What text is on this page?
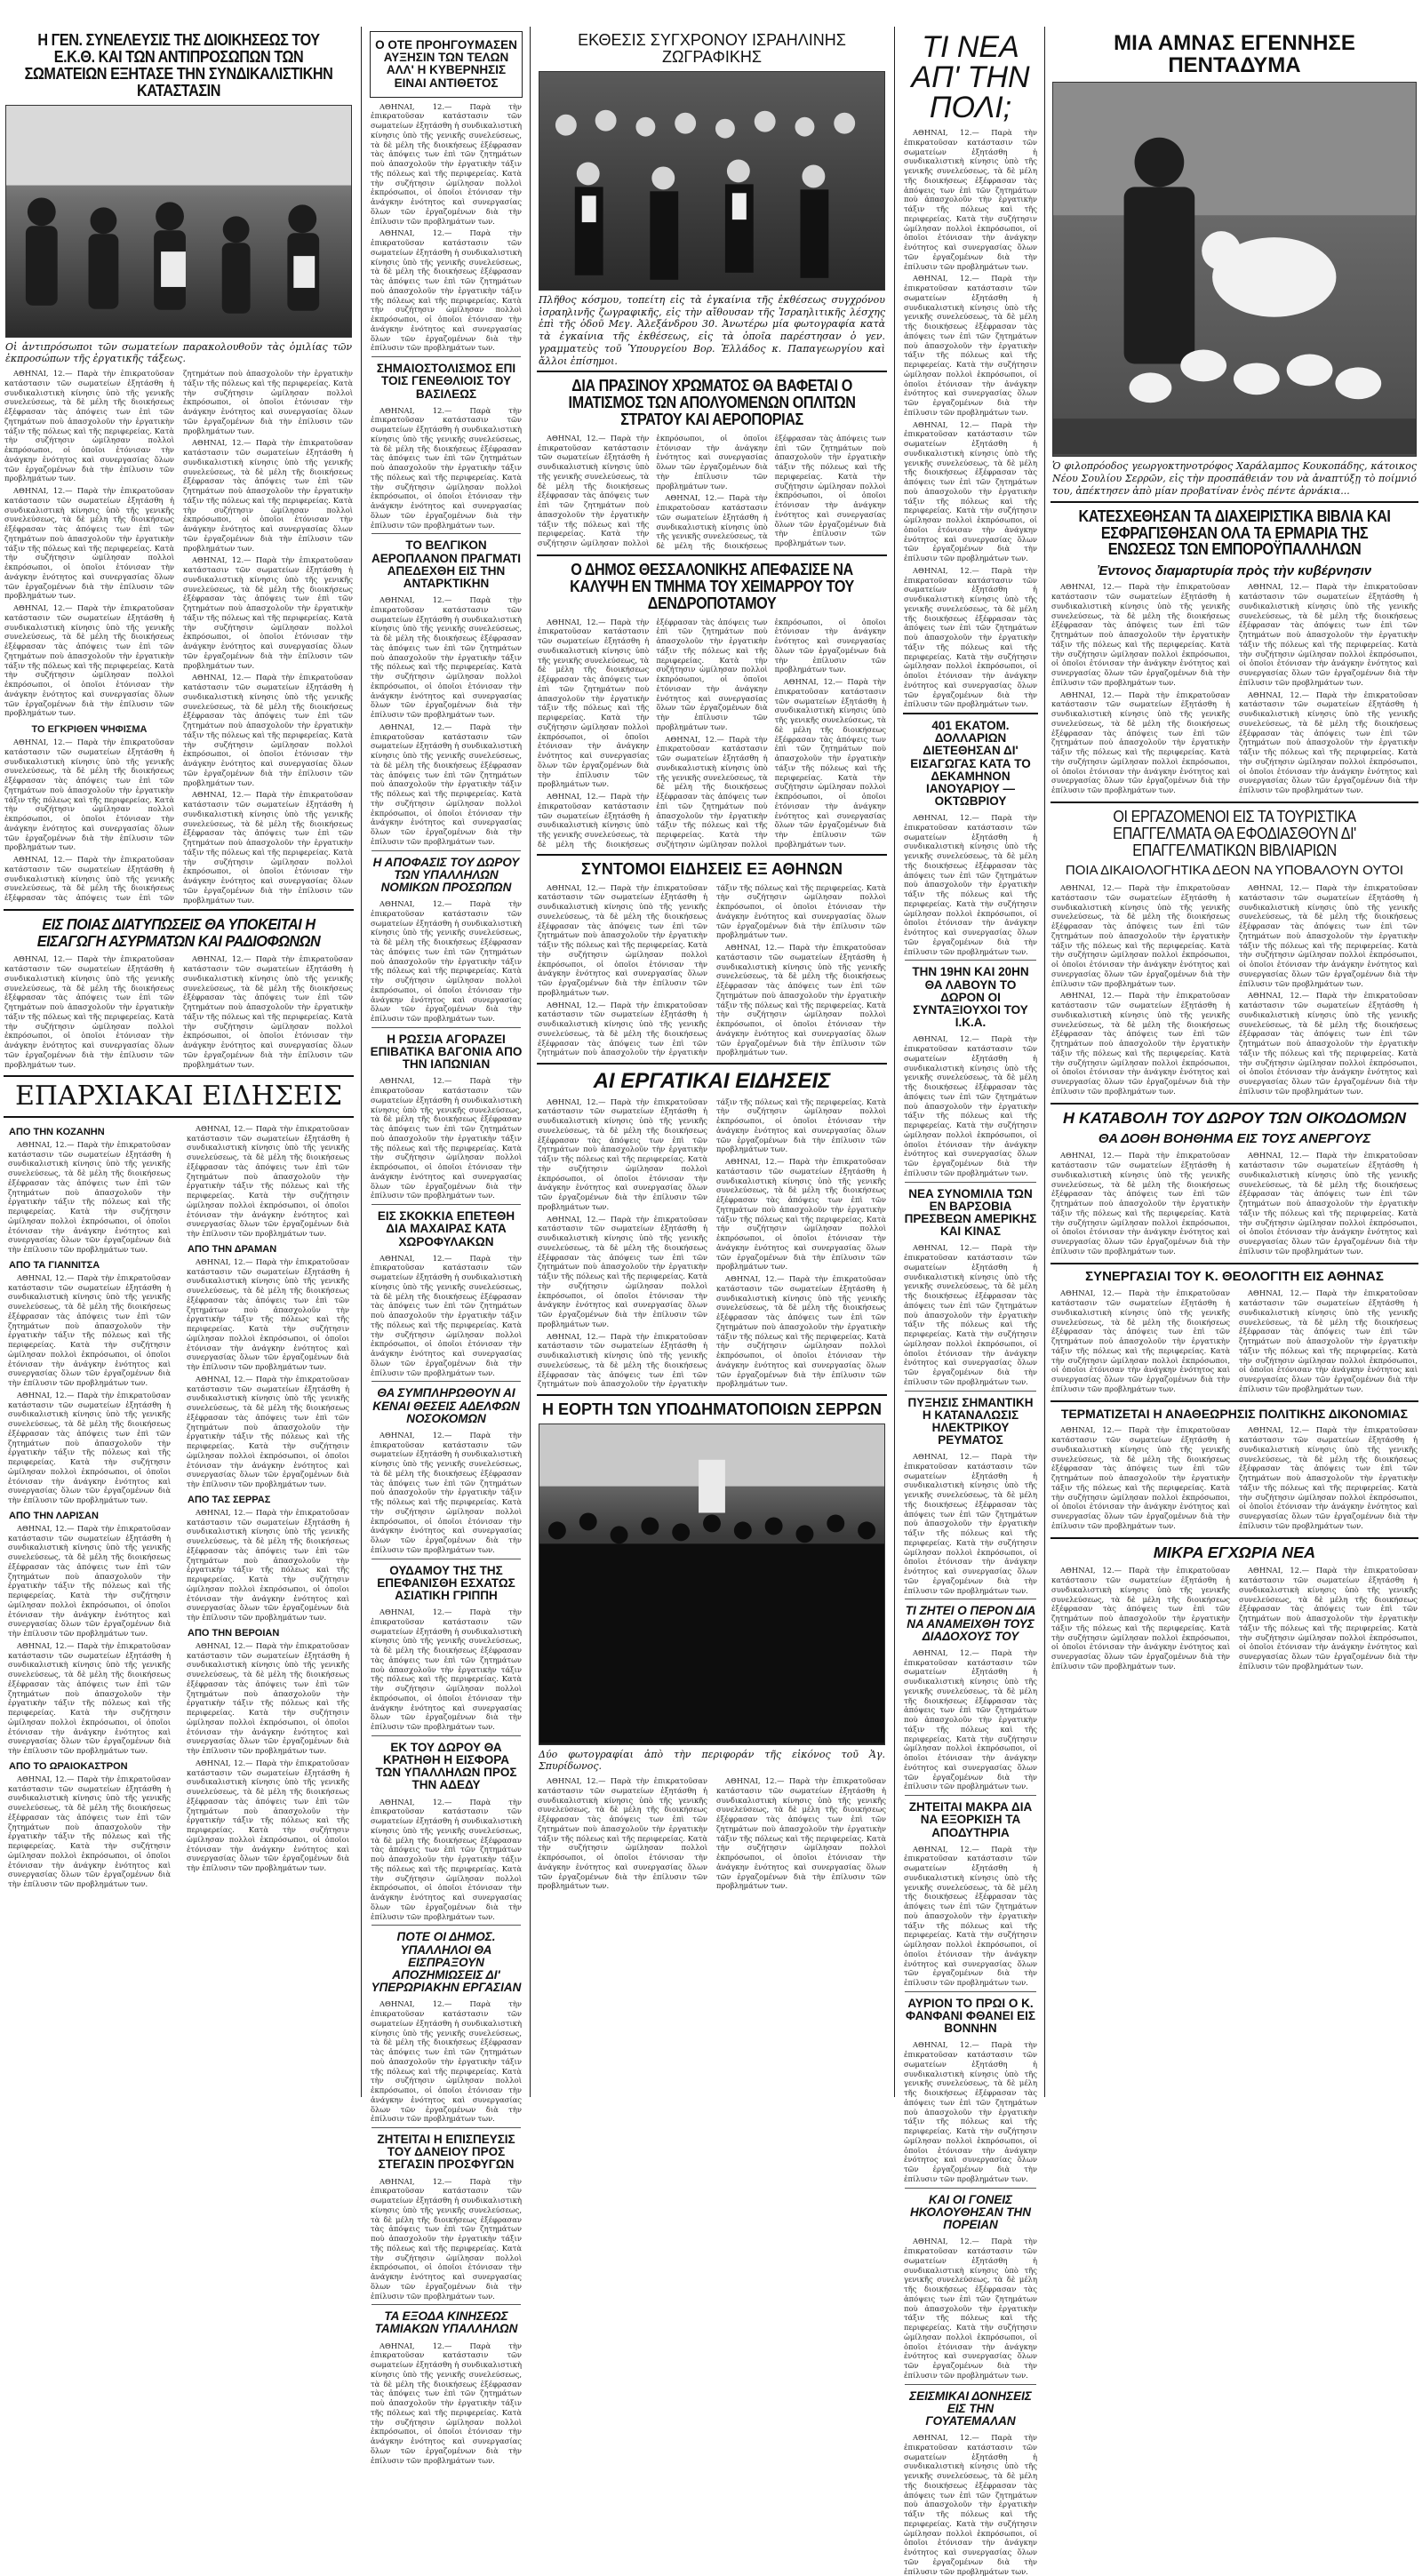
Η ΓΕΝ. ΣΥΝΕΛΕΥΣΙΣ ΤΗΣ ΔΙΟΙΚΗΣΕΩΣ ΤΟΥ Ε.Κ.Θ. ΚΑΙ ΤΩΝ ΑΝΤΙΠΡΟΣΩΠΩΝ ΤΩΝ ΣΩΜΑΤΕΙΩΝ ΕΞΗΤΑΣΕ ΤΗΝ ΣΥΝΔΙΚΑΛΙΣΤΙΚΗΝ ΚΑΤΑΣΤΑΣΙΝ
Οἱ ἀντιπρόσωποι τῶν σωματείων παρακολουθοῦν τὰς ὁμιλίας τῶν ἐκπροσώπων τῆς ἐργατικῆς τάξεως.

ΑΘΗΝΑΙ, 12.— Παρὰ τὴν ἐπικρατοῦσαν κατάστασιν τῶν σωματείων ἐξητάσθη ἡ συνδικαλιστικὴ κίνησις ὑπὸ τῆς γενικῆς συνελεύσεως, τὰ δὲ μέλη τῆς διοικήσεως ἐξέφρασαν τὰς ἀπόψεις των ἐπὶ τῶν ζητημάτων ποὺ ἀπασχολοῦν τὴν ἐργατικὴν τάξιν τῆς πόλεως καὶ τῆς περιφερείας. Κατὰ τὴν συζήτησιν ὡμίλησαν πολλοὶ ἐκπρόσωποι, οἱ ὁποῖοι ἐτόνισαν τὴν ἀνάγκην ἑνότητος καὶ συνεργασίας ὅλων τῶν ἐργαζομένων διὰ τὴν ἐπίλυσιν τῶν προβλημάτων των.

ΑΘΗΝΑΙ, 12.— Παρὰ τὴν ἐπικρατοῦσαν κατάστασιν τῶν σωματείων ἐξητάσθη ἡ συνδικαλιστικὴ κίνησις ὑπὸ τῆς γενικῆς συνελεύσεως, τὰ δὲ μέλη τῆς διοικήσεως ἐξέφρασαν τὰς ἀπόψεις των ἐπὶ τῶν ζητημάτων ποὺ ἀπασχολοῦν τὴν ἐργατικὴν τάξιν τῆς πόλεως καὶ τῆς περιφερείας. Κατὰ τὴν συζήτησιν ὡμίλησαν πολλοὶ ἐκπρόσωποι, οἱ ὁποῖοι ἐτόνισαν τὴν ἀνάγκην ἑνότητος καὶ συνεργασίας ὅλων τῶν ἐργαζομένων διὰ τὴν ἐπίλυσιν τῶν προβλημάτων των.

ΑΘΗΝΑΙ, 12.— Παρὰ τὴν ἐπικρατοῦσαν κατάστασιν τῶν σωματείων ἐξητάσθη ἡ συνδικαλιστικὴ κίνησις ὑπὸ τῆς γενικῆς συνελεύσεως, τὰ δὲ μέλη τῆς διοικήσεως ἐξέφρασαν τὰς ἀπόψεις των ἐπὶ τῶν ζητημάτων ποὺ ἀπασχολοῦν τὴν ἐργατικὴν τάξιν τῆς πόλεως καὶ τῆς περιφερείας. Κατὰ τὴν συζήτησιν ὡμίλησαν πολλοὶ ἐκπρόσωποι, οἱ ὁποῖοι ἐτόνισαν τὴν ἀνάγκην ἑνότητος καὶ συνεργασίας ὅλων τῶν ἐργαζομένων διὰ τὴν ἐπίλυσιν τῶν προβλημάτων των.

ΤΟ ΕΓΚΡΙΘΕΝ ΨΗΦΙΣΜΑ

ΑΘΗΝΑΙ, 12.— Παρὰ τὴν ἐπικρατοῦσαν κατάστασιν τῶν σωματείων ἐξητάσθη ἡ συνδικαλιστικὴ κίνησις ὑπὸ τῆς γενικῆς συνελεύσεως, τὰ δὲ μέλη τῆς διοικήσεως ἐξέφρασαν τὰς ἀπόψεις των ἐπὶ τῶν ζητημάτων ποὺ ἀπασχολοῦν τὴν ἐργατικὴν τάξιν τῆς πόλεως καὶ τῆς περιφερείας. Κατὰ τὴν συζήτησιν ὡμίλησαν πολλοὶ ἐκπρόσωποι, οἱ ὁποῖοι ἐτόνισαν τὴν ἀνάγκην ἑνότητος καὶ συνεργασίας ὅλων τῶν ἐργαζομένων διὰ τὴν ἐπίλυσιν τῶν προβλημάτων των.

ΑΘΗΝΑΙ, 12.— Παρὰ τὴν ἐπικρατοῦσαν κατάστασιν τῶν σωματείων ἐξητάσθη ἡ συνδικαλιστικὴ κίνησις ὑπὸ τῆς γενικῆς συνελεύσεως, τὰ δὲ μέλη τῆς διοικήσεως ἐξέφρασαν τὰς ἀπόψεις των ἐπὶ τῶν ζητημάτων ποὺ ἀπασχολοῦν τὴν ἐργατικὴν τάξιν τῆς πόλεως καὶ τῆς περιφερείας. Κατὰ τὴν συζήτησιν ὡμίλησαν πολλοὶ ἐκπρόσωποι, οἱ ὁποῖοι ἐτόνισαν τὴν ἀνάγκην ἑνότητος καὶ συνεργασίας ὅλων τῶν ἐργαζομένων διὰ τὴν ἐπίλυσιν τῶν προβλημάτων των.

ΑΘΗΝΑΙ, 12.— Παρὰ τὴν ἐπικρατοῦσαν κατάστασιν τῶν σωματείων ἐξητάσθη ἡ συνδικαλιστικὴ κίνησις ὑπὸ τῆς γενικῆς συνελεύσεως, τὰ δὲ μέλη τῆς διοικήσεως ἐξέφρασαν τὰς ἀπόψεις των ἐπὶ τῶν ζητημάτων ποὺ ἀπασχολοῦν τὴν ἐργατικὴν τάξιν τῆς πόλεως καὶ τῆς περιφερείας. Κατὰ τὴν συζήτησιν ὡμίλησαν πολλοὶ ἐκπρόσωποι, οἱ ὁποῖοι ἐτόνισαν τὴν ἀνάγκην ἑνότητος καὶ συνεργασίας ὅλων τῶν ἐργαζομένων διὰ τὴν ἐπίλυσιν τῶν προβλημάτων των.

ΑΘΗΝΑΙ, 12.— Παρὰ τὴν ἐπικρατοῦσαν κατάστασιν τῶν σωματείων ἐξητάσθη ἡ συνδικαλιστικὴ κίνησις ὑπὸ τῆς γενικῆς συνελεύσεως, τὰ δὲ μέλη τῆς διοικήσεως ἐξέφρασαν τὰς ἀπόψεις των ἐπὶ τῶν ζητημάτων ποὺ ἀπασχολοῦν τὴν ἐργατικὴν τάξιν τῆς πόλεως καὶ τῆς περιφερείας. Κατὰ τὴν συζήτησιν ὡμίλησαν πολλοὶ ἐκπρόσωποι, οἱ ὁποῖοι ἐτόνισαν τὴν ἀνάγκην ἑνότητος καὶ συνεργασίας ὅλων τῶν ἐργαζομένων διὰ τὴν ἐπίλυσιν τῶν προβλημάτων των.

ΑΘΗΝΑΙ, 12.— Παρὰ τὴν ἐπικρατοῦσαν κατάστασιν τῶν σωματείων ἐξητάσθη ἡ συνδικαλιστικὴ κίνησις ὑπὸ τῆς γενικῆς συνελεύσεως, τὰ δὲ μέλη τῆς διοικήσεως ἐξέφρασαν τὰς ἀπόψεις των ἐπὶ τῶν ζητημάτων ποὺ ἀπασχολοῦν τὴν ἐργατικὴν τάξιν τῆς πόλεως καὶ τῆς περιφερείας. Κατὰ τὴν συζήτησιν ὡμίλησαν πολλοὶ ἐκπρόσωποι, οἱ ὁποῖοι ἐτόνισαν τὴν ἀνάγκην ἑνότητος καὶ συνεργασίας ὅλων τῶν ἐργαζομένων διὰ τὴν ἐπίλυσιν τῶν προβλημάτων των.

ΑΘΗΝΑΙ, 12.— Παρὰ τὴν ἐπικρατοῦσαν κατάστασιν τῶν σωματείων ἐξητάσθη ἡ συνδικαλιστικὴ κίνησις ὑπὸ τῆς γενικῆς συνελεύσεως, τὰ δὲ μέλη τῆς διοικήσεως ἐξέφρασαν τὰς ἀπόψεις των ἐπὶ τῶν ζητημάτων ποὺ ἀπασχολοῦν τὴν ἐργατικὴν τάξιν τῆς πόλεως καὶ τῆς περιφερείας. Κατὰ τὴν συζήτησιν ὡμίλησαν πολλοὶ ἐκπρόσωποι, οἱ ὁποῖοι ἐτόνισαν τὴν ἀνάγκην ἑνότητος καὶ συνεργασίας ὅλων τῶν ἐργαζομένων διὰ τὴν ἐπίλυσιν τῶν προβλημάτων των.

ΕΙΣ ΠΟΙΑΣ ΔΙΑΤΥΠΩΣΕΙΣ ΘΑ ΥΠΟΚΕΙΤΑΙ Η ΕΙΣΑΓΩΓΗ ΑΣΥΡΜΑΤΩΝ ΚΑΙ ΡΑΔΙΟΦΩΝΩΝ

ΑΘΗΝΑΙ, 12.— Παρὰ τὴν ἐπικρατοῦσαν κατάστασιν τῶν σωματείων ἐξητάσθη ἡ συνδικαλιστικὴ κίνησις ὑπὸ τῆς γενικῆς συνελεύσεως, τὰ δὲ μέλη τῆς διοικήσεως ἐξέφρασαν τὰς ἀπόψεις των ἐπὶ τῶν ζητημάτων ποὺ ἀπασχολοῦν τὴν ἐργατικὴν τάξιν τῆς πόλεως καὶ τῆς περιφερείας. Κατὰ τὴν συζήτησιν ὡμίλησαν πολλοὶ ἐκπρόσωποι, οἱ ὁποῖοι ἐτόνισαν τὴν ἀνάγκην ἑνότητος καὶ συνεργασίας ὅλων τῶν ἐργαζομένων διὰ τὴν ἐπίλυσιν τῶν προβλημάτων των.

ΑΘΗΝΑΙ, 12.— Παρὰ τὴν ἐπικρατοῦσαν κατάστασιν τῶν σωματείων ἐξητάσθη ἡ συνδικαλιστικὴ κίνησις ὑπὸ τῆς γενικῆς συνελεύσεως, τὰ δὲ μέλη τῆς διοικήσεως ἐξέφρασαν τὰς ἀπόψεις των ἐπὶ τῶν ζητημάτων ποὺ ἀπασχολοῦν τὴν ἐργατικὴν τάξιν τῆς πόλεως καὶ τῆς περιφερείας. Κατὰ τὴν συζήτησιν ὡμίλησαν πολλοὶ ἐκπρόσωποι, οἱ ὁποῖοι ἐτόνισαν τὴν ἀνάγκην ἑνότητος καὶ συνεργασίας ὅλων τῶν ἐργαζομένων διὰ τὴν ἐπίλυσιν τῶν προβλημάτων των.

ΕΠΑΡΧΙΑΚΑΙ ΕΙΔΗΣΕΙΣ
ΑΠΟ ΤΗΝ ΚΟΖΑΝΗΝ

ΑΘΗΝΑΙ, 12.— Παρὰ τὴν ἐπικρατοῦσαν κατάστασιν τῶν σωματείων ἐξητάσθη ἡ συνδικαλιστικὴ κίνησις ὑπὸ τῆς γενικῆς συνελεύσεως, τὰ δὲ μέλη τῆς διοικήσεως ἐξέφρασαν τὰς ἀπόψεις των ἐπὶ τῶν ζητημάτων ποὺ ἀπασχολοῦν τὴν ἐργατικὴν τάξιν τῆς πόλεως καὶ τῆς περιφερείας. Κατὰ τὴν συζήτησιν ὡμίλησαν πολλοὶ ἐκπρόσωποι, οἱ ὁποῖοι ἐτόνισαν τὴν ἀνάγκην ἑνότητος καὶ συνεργασίας ὅλων τῶν ἐργαζομένων διὰ τὴν ἐπίλυσιν τῶν προβλημάτων των.

ΑΠΟ ΤΑ ΓΙΑΝΝΙΤΣΑ

ΑΘΗΝΑΙ, 12.— Παρὰ τὴν ἐπικρατοῦσαν κατάστασιν τῶν σωματείων ἐξητάσθη ἡ συνδικαλιστικὴ κίνησις ὑπὸ τῆς γενικῆς συνελεύσεως, τὰ δὲ μέλη τῆς διοικήσεως ἐξέφρασαν τὰς ἀπόψεις των ἐπὶ τῶν ζητημάτων ποὺ ἀπασχολοῦν τὴν ἐργατικὴν τάξιν τῆς πόλεως καὶ τῆς περιφερείας. Κατὰ τὴν συζήτησιν ὡμίλησαν πολλοὶ ἐκπρόσωποι, οἱ ὁποῖοι ἐτόνισαν τὴν ἀνάγκην ἑνότητος καὶ συνεργασίας ὅλων τῶν ἐργαζομένων διὰ τὴν ἐπίλυσιν τῶν προβλημάτων των.

ΑΘΗΝΑΙ, 12.— Παρὰ τὴν ἐπικρατοῦσαν κατάστασιν τῶν σωματείων ἐξητάσθη ἡ συνδικαλιστικὴ κίνησις ὑπὸ τῆς γενικῆς συνελεύσεως, τὰ δὲ μέλη τῆς διοικήσεως ἐξέφρασαν τὰς ἀπόψεις των ἐπὶ τῶν ζητημάτων ποὺ ἀπασχολοῦν τὴν ἐργατικὴν τάξιν τῆς πόλεως καὶ τῆς περιφερείας. Κατὰ τὴν συζήτησιν ὡμίλησαν πολλοὶ ἐκπρόσωποι, οἱ ὁποῖοι ἐτόνισαν τὴν ἀνάγκην ἑνότητος καὶ συνεργασίας ὅλων τῶν ἐργαζομένων διὰ τὴν ἐπίλυσιν τῶν προβλημάτων των.

ΑΠΟ ΤΗΝ ΛΑΡΙΣΑΝ

ΑΘΗΝΑΙ, 12.— Παρὰ τὴν ἐπικρατοῦσαν κατάστασιν τῶν σωματείων ἐξητάσθη ἡ συνδικαλιστικὴ κίνησις ὑπὸ τῆς γενικῆς συνελεύσεως, τὰ δὲ μέλη τῆς διοικήσεως ἐξέφρασαν τὰς ἀπόψεις των ἐπὶ τῶν ζητημάτων ποὺ ἀπασχολοῦν τὴν ἐργατικὴν τάξιν τῆς πόλεως καὶ τῆς περιφερείας. Κατὰ τὴν συζήτησιν ὡμίλησαν πολλοὶ ἐκπρόσωποι, οἱ ὁποῖοι ἐτόνισαν τὴν ἀνάγκην ἑνότητος καὶ συνεργασίας ὅλων τῶν ἐργαζομένων διὰ τὴν ἐπίλυσιν τῶν προβλημάτων των.

ΑΘΗΝΑΙ, 12.— Παρὰ τὴν ἐπικρατοῦσαν κατάστασιν τῶν σωματείων ἐξητάσθη ἡ συνδικαλιστικὴ κίνησις ὑπὸ τῆς γενικῆς συνελεύσεως, τὰ δὲ μέλη τῆς διοικήσεως ἐξέφρασαν τὰς ἀπόψεις των ἐπὶ τῶν ζητημάτων ποὺ ἀπασχολοῦν τὴν ἐργατικὴν τάξιν τῆς πόλεως καὶ τῆς περιφερείας. Κατὰ τὴν συζήτησιν ὡμίλησαν πολλοὶ ἐκπρόσωποι, οἱ ὁποῖοι ἐτόνισαν τὴν ἀνάγκην ἑνότητος καὶ συνεργασίας ὅλων τῶν ἐργαζομένων διὰ τὴν ἐπίλυσιν τῶν προβλημάτων των.

ΑΠΟ ΤΟ ΩΡΑΙΟΚΑΣΤΡΟΝ

ΑΘΗΝΑΙ, 12.— Παρὰ τὴν ἐπικρατοῦσαν κατάστασιν τῶν σωματείων ἐξητάσθη ἡ συνδικαλιστικὴ κίνησις ὑπὸ τῆς γενικῆς συνελεύσεως, τὰ δὲ μέλη τῆς διοικήσεως ἐξέφρασαν τὰς ἀπόψεις των ἐπὶ τῶν ζητημάτων ποὺ ἀπασχολοῦν τὴν ἐργατικὴν τάξιν τῆς πόλεως καὶ τῆς περιφερείας. Κατὰ τὴν συζήτησιν ὡμίλησαν πολλοὶ ἐκπρόσωποι, οἱ ὁποῖοι ἐτόνισαν τὴν ἀνάγκην ἑνότητος καὶ συνεργασίας ὅλων τῶν ἐργαζομένων διὰ τὴν ἐπίλυσιν τῶν προβλημάτων των.

ΑΘΗΝΑΙ, 12.— Παρὰ τὴν ἐπικρατοῦσαν κατάστασιν τῶν σωματείων ἐξητάσθη ἡ συνδικαλιστικὴ κίνησις ὑπὸ τῆς γενικῆς συνελεύσεως, τὰ δὲ μέλη τῆς διοικήσεως ἐξέφρασαν τὰς ἀπόψεις των ἐπὶ τῶν ζητημάτων ποὺ ἀπασχολοῦν τὴν ἐργατικὴν τάξιν τῆς πόλεως καὶ τῆς περιφερείας. Κατὰ τὴν συζήτησιν ὡμίλησαν πολλοὶ ἐκπρόσωποι, οἱ ὁποῖοι ἐτόνισαν τὴν ἀνάγκην ἑνότητος καὶ συνεργασίας ὅλων τῶν ἐργαζομένων διὰ τὴν ἐπίλυσιν τῶν προβλημάτων των.

ΑΠΟ ΤΗΝ ΔΡΑΜΑΝ

ΑΘΗΝΑΙ, 12.— Παρὰ τὴν ἐπικρατοῦσαν κατάστασιν τῶν σωματείων ἐξητάσθη ἡ συνδικαλιστικὴ κίνησις ὑπὸ τῆς γενικῆς συνελεύσεως, τὰ δὲ μέλη τῆς διοικήσεως ἐξέφρασαν τὰς ἀπόψεις των ἐπὶ τῶν ζητημάτων ποὺ ἀπασχολοῦν τὴν ἐργατικὴν τάξιν τῆς πόλεως καὶ τῆς περιφερείας. Κατὰ τὴν συζήτησιν ὡμίλησαν πολλοὶ ἐκπρόσωποι, οἱ ὁποῖοι ἐτόνισαν τὴν ἀνάγκην ἑνότητος καὶ συνεργασίας ὅλων τῶν ἐργαζομένων διὰ τὴν ἐπίλυσιν τῶν προβλημάτων των.

ΑΘΗΝΑΙ, 12.— Παρὰ τὴν ἐπικρατοῦσαν κατάστασιν τῶν σωματείων ἐξητάσθη ἡ συνδικαλιστικὴ κίνησις ὑπὸ τῆς γενικῆς συνελεύσεως, τὰ δὲ μέλη τῆς διοικήσεως ἐξέφρασαν τὰς ἀπόψεις των ἐπὶ τῶν ζητημάτων ποὺ ἀπασχολοῦν τὴν ἐργατικὴν τάξιν τῆς πόλεως καὶ τῆς περιφερείας. Κατὰ τὴν συζήτησιν ὡμίλησαν πολλοὶ ἐκπρόσωποι, οἱ ὁποῖοι ἐτόνισαν τὴν ἀνάγκην ἑνότητος καὶ συνεργασίας ὅλων τῶν ἐργαζομένων διὰ τὴν ἐπίλυσιν τῶν προβλημάτων των.

ΑΠΟ ΤΑΣ ΣΕΡΡΑΣ

ΑΘΗΝΑΙ, 12.— Παρὰ τὴν ἐπικρατοῦσαν κατάστασιν τῶν σωματείων ἐξητάσθη ἡ συνδικαλιστικὴ κίνησις ὑπὸ τῆς γενικῆς συνελεύσεως, τὰ δὲ μέλη τῆς διοικήσεως ἐξέφρασαν τὰς ἀπόψεις των ἐπὶ τῶν ζητημάτων ποὺ ἀπασχολοῦν τὴν ἐργατικὴν τάξιν τῆς πόλεως καὶ τῆς περιφερείας. Κατὰ τὴν συζήτησιν ὡμίλησαν πολλοὶ ἐκπρόσωποι, οἱ ὁποῖοι ἐτόνισαν τὴν ἀνάγκην ἑνότητος καὶ συνεργασίας ὅλων τῶν ἐργαζομένων διὰ τὴν ἐπίλυσιν τῶν προβλημάτων των.

ΑΠΟ ΤΗΝ ΒΕΡΟΙΑΝ

ΑΘΗΝΑΙ, 12.— Παρὰ τὴν ἐπικρατοῦσαν κατάστασιν τῶν σωματείων ἐξητάσθη ἡ συνδικαλιστικὴ κίνησις ὑπὸ τῆς γενικῆς συνελεύσεως, τὰ δὲ μέλη τῆς διοικήσεως ἐξέφρασαν τὰς ἀπόψεις των ἐπὶ τῶν ζητημάτων ποὺ ἀπασχολοῦν τὴν ἐργατικὴν τάξιν τῆς πόλεως καὶ τῆς περιφερείας. Κατὰ τὴν συζήτησιν ὡμίλησαν πολλοὶ ἐκπρόσωποι, οἱ ὁποῖοι ἐτόνισαν τὴν ἀνάγκην ἑνότητος καὶ συνεργασίας ὅλων τῶν ἐργαζομένων διὰ τὴν ἐπίλυσιν τῶν προβλημάτων των.

ΑΘΗΝΑΙ, 12.— Παρὰ τὴν ἐπικρατοῦσαν κατάστασιν τῶν σωματείων ἐξητάσθη ἡ συνδικαλιστικὴ κίνησις ὑπὸ τῆς γενικῆς συνελεύσεως, τὰ δὲ μέλη τῆς διοικήσεως ἐξέφρασαν τὰς ἀπόψεις των ἐπὶ τῶν ζητημάτων ποὺ ἀπασχολοῦν τὴν ἐργατικὴν τάξιν τῆς πόλεως καὶ τῆς περιφερείας. Κατὰ τὴν συζήτησιν ὡμίλησαν πολλοὶ ἐκπρόσωποι, οἱ ὁποῖοι ἐτόνισαν τὴν ἀνάγκην ἑνότητος καὶ συνεργασίας ὅλων τῶν ἐργαζομένων διὰ τὴν ἐπίλυσιν τῶν προβλημάτων των.

Ο ΟΤΕ ΠΡΟΗΓΟΥΜΑΣΕΝ ΑΥΞΗΣΙΝ ΤΩΝ ΤΕΛΩΝ ΑΛΛ' Η ΚΥΒΕΡΝΗΣΙΣ ΕΙΝΑΙ ΑΝΤΙΘΕΤΟΣ

ΑΘΗΝΑΙ, 12.— Παρὰ τὴν ἐπικρατοῦσαν κατάστασιν τῶν σωματείων ἐξητάσθη ἡ συνδικαλιστικὴ κίνησις ὑπὸ τῆς γενικῆς συνελεύσεως, τὰ δὲ μέλη τῆς διοικήσεως ἐξέφρασαν τὰς ἀπόψεις των ἐπὶ τῶν ζητημάτων ποὺ ἀπασχολοῦν τὴν ἐργατικὴν τάξιν τῆς πόλεως καὶ τῆς περιφερείας. Κατὰ τὴν συζήτησιν ὡμίλησαν πολλοὶ ἐκπρόσωποι, οἱ ὁποῖοι ἐτόνισαν τὴν ἀνάγκην ἑνότητος καὶ συνεργασίας ὅλων τῶν ἐργαζομένων διὰ τὴν ἐπίλυσιν τῶν προβλημάτων των.

ΑΘΗΝΑΙ, 12.— Παρὰ τὴν ἐπικρατοῦσαν κατάστασιν τῶν σωματείων ἐξητάσθη ἡ συνδικαλιστικὴ κίνησις ὑπὸ τῆς γενικῆς συνελεύσεως, τὰ δὲ μέλη τῆς διοικήσεως ἐξέφρασαν τὰς ἀπόψεις των ἐπὶ τῶν ζητημάτων ποὺ ἀπασχολοῦν τὴν ἐργατικὴν τάξιν τῆς πόλεως καὶ τῆς περιφερείας. Κατὰ τὴν συζήτησιν ὡμίλησαν πολλοὶ ἐκπρόσωποι, οἱ ὁποῖοι ἐτόνισαν τὴν ἀνάγκην ἑνότητος καὶ συνεργασίας ὅλων τῶν ἐργαζομένων διὰ τὴν ἐπίλυσιν τῶν προβλημάτων των.

ΣΗΜΑΙΟΣΤΟΛΙΣΜΟΣ ΕΠΙ ΤΟΙΣ ΓΕΝΕΘΛΙΟΙΣ ΤΟΥ ΒΑΣΙΛΕΩΣ

ΑΘΗΝΑΙ, 12.— Παρὰ τὴν ἐπικρατοῦσαν κατάστασιν τῶν σωματείων ἐξητάσθη ἡ συνδικαλιστικὴ κίνησις ὑπὸ τῆς γενικῆς συνελεύσεως, τὰ δὲ μέλη τῆς διοικήσεως ἐξέφρασαν τὰς ἀπόψεις των ἐπὶ τῶν ζητημάτων ποὺ ἀπασχολοῦν τὴν ἐργατικὴν τάξιν τῆς πόλεως καὶ τῆς περιφερείας. Κατὰ τὴν συζήτησιν ὡμίλησαν πολλοὶ ἐκπρόσωποι, οἱ ὁποῖοι ἐτόνισαν τὴν ἀνάγκην ἑνότητος καὶ συνεργασίας ὅλων τῶν ἐργαζομένων διὰ τὴν ἐπίλυσιν τῶν προβλημάτων των.

ΤΟ ΒΕΛΓΙΚΟΝ ΑΕΡΟΠΛΑΝΟΝ ΠΡΑΓΜΑΤΙ ΑΠΕΔΕΧΘΗ ΕΙΣ ΤΗΝ ΑΝΤΑΡΚΤΙΚΗΝ

ΑΘΗΝΑΙ, 12.— Παρὰ τὴν ἐπικρατοῦσαν κατάστασιν τῶν σωματείων ἐξητάσθη ἡ συνδικαλιστικὴ κίνησις ὑπὸ τῆς γενικῆς συνελεύσεως, τὰ δὲ μέλη τῆς διοικήσεως ἐξέφρασαν τὰς ἀπόψεις των ἐπὶ τῶν ζητημάτων ποὺ ἀπασχολοῦν τὴν ἐργατικὴν τάξιν τῆς πόλεως καὶ τῆς περιφερείας. Κατὰ τὴν συζήτησιν ὡμίλησαν πολλοὶ ἐκπρόσωποι, οἱ ὁποῖοι ἐτόνισαν τὴν ἀνάγκην ἑνότητος καὶ συνεργασίας ὅλων τῶν ἐργαζομένων διὰ τὴν ἐπίλυσιν τῶν προβλημάτων των.

ΑΘΗΝΑΙ, 12.— Παρὰ τὴν ἐπικρατοῦσαν κατάστασιν τῶν σωματείων ἐξητάσθη ἡ συνδικαλιστικὴ κίνησις ὑπὸ τῆς γενικῆς συνελεύσεως, τὰ δὲ μέλη τῆς διοικήσεως ἐξέφρασαν τὰς ἀπόψεις των ἐπὶ τῶν ζητημάτων ποὺ ἀπασχολοῦν τὴν ἐργατικὴν τάξιν τῆς πόλεως καὶ τῆς περιφερείας. Κατὰ τὴν συζήτησιν ὡμίλησαν πολλοὶ ἐκπρόσωποι, οἱ ὁποῖοι ἐτόνισαν τὴν ἀνάγκην ἑνότητος καὶ συνεργασίας ὅλων τῶν ἐργαζομένων διὰ τὴν ἐπίλυσιν τῶν προβλημάτων των.

Η ΑΠΟΦΑΣΙΣ ΤΟΥ ΔΩΡΟΥ ΤΩΝ ΥΠΑΛΛΗΛΩΝ ΝΟΜΙΚΩΝ ΠΡΟΣΩΠΩΝ

ΑΘΗΝΑΙ, 12.— Παρὰ τὴν ἐπικρατοῦσαν κατάστασιν τῶν σωματείων ἐξητάσθη ἡ συνδικαλιστικὴ κίνησις ὑπὸ τῆς γενικῆς συνελεύσεως, τὰ δὲ μέλη τῆς διοικήσεως ἐξέφρασαν τὰς ἀπόψεις των ἐπὶ τῶν ζητημάτων ποὺ ἀπασχολοῦν τὴν ἐργατικὴν τάξιν τῆς πόλεως καὶ τῆς περιφερείας. Κατὰ τὴν συζήτησιν ὡμίλησαν πολλοὶ ἐκπρόσωποι, οἱ ὁποῖοι ἐτόνισαν τὴν ἀνάγκην ἑνότητος καὶ συνεργασίας ὅλων τῶν ἐργαζομένων διὰ τὴν ἐπίλυσιν τῶν προβλημάτων των.

Η ΡΩΣΣΙΑ ΑΓΟΡΑΖΕΙ ΕΠΙΒΑΤΙΚΑ ΒΑΓΟΝΙΑ ΑΠΟ ΤΗΝ ΙΑΠΩΝΙΑΝ

ΑΘΗΝΑΙ, 12.— Παρὰ τὴν ἐπικρατοῦσαν κατάστασιν τῶν σωματείων ἐξητάσθη ἡ συνδικαλιστικὴ κίνησις ὑπὸ τῆς γενικῆς συνελεύσεως, τὰ δὲ μέλη τῆς διοικήσεως ἐξέφρασαν τὰς ἀπόψεις των ἐπὶ τῶν ζητημάτων ποὺ ἀπασχολοῦν τὴν ἐργατικὴν τάξιν τῆς πόλεως καὶ τῆς περιφερείας. Κατὰ τὴν συζήτησιν ὡμίλησαν πολλοὶ ἐκπρόσωποι, οἱ ὁποῖοι ἐτόνισαν τὴν ἀνάγκην ἑνότητος καὶ συνεργασίας ὅλων τῶν ἐργαζομένων διὰ τὴν ἐπίλυσιν τῶν προβλημάτων των.

ΕΙΣ ΣΚΟΚΚΙΑ ΕΠΕΤΕΘΗ ΔΙΑ ΜΑΧΑΙΡΑΣ ΚΑΤΑ ΧΩΡΟΦΥΛΑΚΩΝ

ΑΘΗΝΑΙ, 12.— Παρὰ τὴν ἐπικρατοῦσαν κατάστασιν τῶν σωματείων ἐξητάσθη ἡ συνδικαλιστικὴ κίνησις ὑπὸ τῆς γενικῆς συνελεύσεως, τὰ δὲ μέλη τῆς διοικήσεως ἐξέφρασαν τὰς ἀπόψεις των ἐπὶ τῶν ζητημάτων ποὺ ἀπασχολοῦν τὴν ἐργατικὴν τάξιν τῆς πόλεως καὶ τῆς περιφερείας. Κατὰ τὴν συζήτησιν ὡμίλησαν πολλοὶ ἐκπρόσωποι, οἱ ὁποῖοι ἐτόνισαν τὴν ἀνάγκην ἑνότητος καὶ συνεργασίας ὅλων τῶν ἐργαζομένων διὰ τὴν ἐπίλυσιν τῶν προβλημάτων των.

ΘΑ ΣΥΜΠΛΗΡΩΘΟΥΝ ΑΙ ΚΕΝΑΙ ΘΕΣΕΙΣ ΑΔΕΛΦΩΝ ΝΟΣΟΚΟΜΩΝ

ΑΘΗΝΑΙ, 12.— Παρὰ τὴν ἐπικρατοῦσαν κατάστασιν τῶν σωματείων ἐξητάσθη ἡ συνδικαλιστικὴ κίνησις ὑπὸ τῆς γενικῆς συνελεύσεως, τὰ δὲ μέλη τῆς διοικήσεως ἐξέφρασαν τὰς ἀπόψεις των ἐπὶ τῶν ζητημάτων ποὺ ἀπασχολοῦν τὴν ἐργατικὴν τάξιν τῆς πόλεως καὶ τῆς περιφερείας. Κατὰ τὴν συζήτησιν ὡμίλησαν πολλοὶ ἐκπρόσωποι, οἱ ὁποῖοι ἐτόνισαν τὴν ἀνάγκην ἑνότητος καὶ συνεργασίας ὅλων τῶν ἐργαζομένων διὰ τὴν ἐπίλυσιν τῶν προβλημάτων των.

ΟΥΔΑΜΟΥ ΤΗΣ ΤΗΣ ΕΠΕΦΑΝΙΣΘΗ ΕΣΧΑΤΩΣ ΑΣΙΑΤΙΚΗ ΓΡΙΠΠΗ

ΑΘΗΝΑΙ, 12.— Παρὰ τὴν ἐπικρατοῦσαν κατάστασιν τῶν σωματείων ἐξητάσθη ἡ συνδικαλιστικὴ κίνησις ὑπὸ τῆς γενικῆς συνελεύσεως, τὰ δὲ μέλη τῆς διοικήσεως ἐξέφρασαν τὰς ἀπόψεις των ἐπὶ τῶν ζητημάτων ποὺ ἀπασχολοῦν τὴν ἐργατικὴν τάξιν τῆς πόλεως καὶ τῆς περιφερείας. Κατὰ τὴν συζήτησιν ὡμίλησαν πολλοὶ ἐκπρόσωποι, οἱ ὁποῖοι ἐτόνισαν τὴν ἀνάγκην ἑνότητος καὶ συνεργασίας ὅλων τῶν ἐργαζομένων διὰ τὴν ἐπίλυσιν τῶν προβλημάτων των.

ΕΚ ΤΟΥ ΔΩΡΟΥ ΘΑ ΚΡΑΤΗΘΗ Η ΕΙΣΦΟΡΑ ΤΩΝ ΥΠΑΛΛΗΛΩΝ ΠΡΟΣ ΤΗΝ ΑΔΕΔΥ

ΑΘΗΝΑΙ, 12.— Παρὰ τὴν ἐπικρατοῦσαν κατάστασιν τῶν σωματείων ἐξητάσθη ἡ συνδικαλιστικὴ κίνησις ὑπὸ τῆς γενικῆς συνελεύσεως, τὰ δὲ μέλη τῆς διοικήσεως ἐξέφρασαν τὰς ἀπόψεις των ἐπὶ τῶν ζητημάτων ποὺ ἀπασχολοῦν τὴν ἐργατικὴν τάξιν τῆς πόλεως καὶ τῆς περιφερείας. Κατὰ τὴν συζήτησιν ὡμίλησαν πολλοὶ ἐκπρόσωποι, οἱ ὁποῖοι ἐτόνισαν τὴν ἀνάγκην ἑνότητος καὶ συνεργασίας ὅλων τῶν ἐργαζομένων διὰ τὴν ἐπίλυσιν τῶν προβλημάτων των.

ΠΟΤΕ ΟΙ ΔΗΜΟΣ. ΥΠΑΛΛΗΛΟΙ ΘΑ ΕΙΣΠΡΑΞΟΥΝ ΑΠΟΖΗΜΙΩΣΕΙΣ ΔΙ' ΥΠΕΡΩΡΙΑΚΗΝ ΕΡΓΑΣΙΑΝ

ΑΘΗΝΑΙ, 12.— Παρὰ τὴν ἐπικρατοῦσαν κατάστασιν τῶν σωματείων ἐξητάσθη ἡ συνδικαλιστικὴ κίνησις ὑπὸ τῆς γενικῆς συνελεύσεως, τὰ δὲ μέλη τῆς διοικήσεως ἐξέφρασαν τὰς ἀπόψεις των ἐπὶ τῶν ζητημάτων ποὺ ἀπασχολοῦν τὴν ἐργατικὴν τάξιν τῆς πόλεως καὶ τῆς περιφερείας. Κατὰ τὴν συζήτησιν ὡμίλησαν πολλοὶ ἐκπρόσωποι, οἱ ὁποῖοι ἐτόνισαν τὴν ἀνάγκην ἑνότητος καὶ συνεργασίας ὅλων τῶν ἐργαζομένων διὰ τὴν ἐπίλυσιν τῶν προβλημάτων των.

ΖΗΤΕΙΤΑΙ Η ΕΠΙΣΠΕΥΣΙΣ ΤΟΥ ΔΑΝΕΙΟΥ ΠΡΟΣ ΣΤΕΓΑΣΙΝ ΠΡΟΣΦΥΓΩΝ

ΑΘΗΝΑΙ, 12.— Παρὰ τὴν ἐπικρατοῦσαν κατάστασιν τῶν σωματείων ἐξητάσθη ἡ συνδικαλιστικὴ κίνησις ὑπὸ τῆς γενικῆς συνελεύσεως, τὰ δὲ μέλη τῆς διοικήσεως ἐξέφρασαν τὰς ἀπόψεις των ἐπὶ τῶν ζητημάτων ποὺ ἀπασχολοῦν τὴν ἐργατικὴν τάξιν τῆς πόλεως καὶ τῆς περιφερείας. Κατὰ τὴν συζήτησιν ὡμίλησαν πολλοὶ ἐκπρόσωποι, οἱ ὁποῖοι ἐτόνισαν τὴν ἀνάγκην ἑνότητος καὶ συνεργασίας ὅλων τῶν ἐργαζομένων διὰ τὴν ἐπίλυσιν τῶν προβλημάτων των.

ΤΑ ΕΞΟΔΑ ΚΙΝΗΣΕΩΣ ΤΑΜΙΑΚΩΝ ΥΠΑΛΛΗΛΩΝ

ΑΘΗΝΑΙ, 12.— Παρὰ τὴν ἐπικρατοῦσαν κατάστασιν τῶν σωματείων ἐξητάσθη ἡ συνδικαλιστικὴ κίνησις ὑπὸ τῆς γενικῆς συνελεύσεως, τὰ δὲ μέλη τῆς διοικήσεως ἐξέφρασαν τὰς ἀπόψεις των ἐπὶ τῶν ζητημάτων ποὺ ἀπασχολοῦν τὴν ἐργατικὴν τάξιν τῆς πόλεως καὶ τῆς περιφερείας. Κατὰ τὴν συζήτησιν ὡμίλησαν πολλοὶ ἐκπρόσωποι, οἱ ὁποῖοι ἐτόνισαν τὴν ἀνάγκην ἑνότητος καὶ συνεργασίας ὅλων τῶν ἐργαζομένων διὰ τὴν ἐπίλυσιν τῶν προβλημάτων των.

ΕΚΘΕΣΙΣ ΣΥΓΧΡΟΝΟΥ ΙΣΡΑΗΛΙΝΗΣ ΖΩΓΡΑΦΙΚΗΣ
Πλῆθος κόσμου, τοπείτη εἰς τὰ ἐγκαίνια τῆς ἐκθέσεως συγχρόνου ἰσραηλινῆς ζωγραφικῆς, εἰς τὴν αἴθουσαν τῆς Ἰσραηλιτικῆς λέσχης ἐπὶ τῆς ὁδοῦ Μεγ. Ἀλεξάνδρου 30. Ἀνωτέρω μία φωτογραφία κατὰ τὰ ἐγκαίνια τῆς ἐκθέσεως, εἰς τὰ ὁποῖα παρέστησαν ὁ γεν. γραμματεὺς τοῦ Ὑπουργείου Βορ. Ἑλλάδος κ. Παπαγεωργίου καὶ ἄλλοι ἐπίσημοι.
ΔΙΑ ΠΡΑΣΙΝΟΥ ΧΡΩΜΑΤΟΣ ΘΑ ΒΑΦΕΤΑΙ Ο ΙΜΑΤΙΣΜΟΣ ΤΩΝ ΑΠΟΛΥΟΜΕΝΩΝ ΟΠΛΙΤΩΝ ΣΤΡΑΤΟΥ ΚΑΙ ΑΕΡΟΠΟΡΙΑΣ

ΑΘΗΝΑΙ, 12.— Παρὰ τὴν ἐπικρατοῦσαν κατάστασιν τῶν σωματείων ἐξητάσθη ἡ συνδικαλιστικὴ κίνησις ὑπὸ τῆς γενικῆς συνελεύσεως, τὰ δὲ μέλη τῆς διοικήσεως ἐξέφρασαν τὰς ἀπόψεις των ἐπὶ τῶν ζητημάτων ποὺ ἀπασχολοῦν τὴν ἐργατικὴν τάξιν τῆς πόλεως καὶ τῆς περιφερείας. Κατὰ τὴν συζήτησιν ὡμίλησαν πολλοὶ ἐκπρόσωποι, οἱ ὁποῖοι ἐτόνισαν τὴν ἀνάγκην ἑνότητος καὶ συνεργασίας ὅλων τῶν ἐργαζομένων διὰ τὴν ἐπίλυσιν τῶν προβλημάτων των.

ΑΘΗΝΑΙ, 12.— Παρὰ τὴν ἐπικρατοῦσαν κατάστασιν τῶν σωματείων ἐξητάσθη ἡ συνδικαλιστικὴ κίνησις ὑπὸ τῆς γενικῆς συνελεύσεως, τὰ δὲ μέλη τῆς διοικήσεως ἐξέφρασαν τὰς ἀπόψεις των ἐπὶ τῶν ζητημάτων ποὺ ἀπασχολοῦν τὴν ἐργατικὴν τάξιν τῆς πόλεως καὶ τῆς περιφερείας. Κατὰ τὴν συζήτησιν ὡμίλησαν πολλοὶ ἐκπρόσωποι, οἱ ὁποῖοι ἐτόνισαν τὴν ἀνάγκην ἑνότητος καὶ συνεργασίας ὅλων τῶν ἐργαζομένων διὰ τὴν ἐπίλυσιν τῶν προβλημάτων των.

Ο ΔΗΜΟΣ ΘΕΣΣΑΛΟΝΙΚΗΣ ΑΠΕΦΑΣΙΣΕ ΝΑ ΚΑΛΥΨΗ ΕΝ ΤΜΗΜΑ ΤΟΥ ΧΕΙΜΑΡΡΟΥ ΤΟΥ ΔΕΝΔΡΟΠΟΤΑΜΟΥ

ΑΘΗΝΑΙ, 12.— Παρὰ τὴν ἐπικρατοῦσαν κατάστασιν τῶν σωματείων ἐξητάσθη ἡ συνδικαλιστικὴ κίνησις ὑπὸ τῆς γενικῆς συνελεύσεως, τὰ δὲ μέλη τῆς διοικήσεως ἐξέφρασαν τὰς ἀπόψεις των ἐπὶ τῶν ζητημάτων ποὺ ἀπασχολοῦν τὴν ἐργατικὴν τάξιν τῆς πόλεως καὶ τῆς περιφερείας. Κατὰ τὴν συζήτησιν ὡμίλησαν πολλοὶ ἐκπρόσωποι, οἱ ὁποῖοι ἐτόνισαν τὴν ἀνάγκην ἑνότητος καὶ συνεργασίας ὅλων τῶν ἐργαζομένων διὰ τὴν ἐπίλυσιν τῶν προβλημάτων των.

ΑΘΗΝΑΙ, 12.— Παρὰ τὴν ἐπικρατοῦσαν κατάστασιν τῶν σωματείων ἐξητάσθη ἡ συνδικαλιστικὴ κίνησις ὑπὸ τῆς γενικῆς συνελεύσεως, τὰ δὲ μέλη τῆς διοικήσεως ἐξέφρασαν τὰς ἀπόψεις των ἐπὶ τῶν ζητημάτων ποὺ ἀπασχολοῦν τὴν ἐργατικὴν τάξιν τῆς πόλεως καὶ τῆς περιφερείας. Κατὰ τὴν συζήτησιν ὡμίλησαν πολλοὶ ἐκπρόσωποι, οἱ ὁποῖοι ἐτόνισαν τὴν ἀνάγκην ἑνότητος καὶ συνεργασίας ὅλων τῶν ἐργαζομένων διὰ τὴν ἐπίλυσιν τῶν προβλημάτων των.

ΑΘΗΝΑΙ, 12.— Παρὰ τὴν ἐπικρατοῦσαν κατάστασιν τῶν σωματείων ἐξητάσθη ἡ συνδικαλιστικὴ κίνησις ὑπὸ τῆς γενικῆς συνελεύσεως, τὰ δὲ μέλη τῆς διοικήσεως ἐξέφρασαν τὰς ἀπόψεις των ἐπὶ τῶν ζητημάτων ποὺ ἀπασχολοῦν τὴν ἐργατικὴν τάξιν τῆς πόλεως καὶ τῆς περιφερείας. Κατὰ τὴν συζήτησιν ὡμίλησαν πολλοὶ ἐκπρόσωποι, οἱ ὁποῖοι ἐτόνισαν τὴν ἀνάγκην ἑνότητος καὶ συνεργασίας ὅλων τῶν ἐργαζομένων διὰ τὴν ἐπίλυσιν τῶν προβλημάτων των.

ΑΘΗΝΑΙ, 12.— Παρὰ τὴν ἐπικρατοῦσαν κατάστασιν τῶν σωματείων ἐξητάσθη ἡ συνδικαλιστικὴ κίνησις ὑπὸ τῆς γενικῆς συνελεύσεως, τὰ δὲ μέλη τῆς διοικήσεως ἐξέφρασαν τὰς ἀπόψεις των ἐπὶ τῶν ζητημάτων ποὺ ἀπασχολοῦν τὴν ἐργατικὴν τάξιν τῆς πόλεως καὶ τῆς περιφερείας. Κατὰ τὴν συζήτησιν ὡμίλησαν πολλοὶ ἐκπρόσωποι, οἱ ὁποῖοι ἐτόνισαν τὴν ἀνάγκην ἑνότητος καὶ συνεργασίας ὅλων τῶν ἐργαζομένων διὰ τὴν ἐπίλυσιν τῶν προβλημάτων των.

ΣΥΝΤΟΜΟΙ ΕΙΔΗΣΕΙΣ ΕΞ ΑΘΗΝΩΝ

ΑΘΗΝΑΙ, 12.— Παρὰ τὴν ἐπικρατοῦσαν κατάστασιν τῶν σωματείων ἐξητάσθη ἡ συνδικαλιστικὴ κίνησις ὑπὸ τῆς γενικῆς συνελεύσεως, τὰ δὲ μέλη τῆς διοικήσεως ἐξέφρασαν τὰς ἀπόψεις των ἐπὶ τῶν ζητημάτων ποὺ ἀπασχολοῦν τὴν ἐργατικὴν τάξιν τῆς πόλεως καὶ τῆς περιφερείας. Κατὰ τὴν συζήτησιν ὡμίλησαν πολλοὶ ἐκπρόσωποι, οἱ ὁποῖοι ἐτόνισαν τὴν ἀνάγκην ἑνότητος καὶ συνεργασίας ὅλων τῶν ἐργαζομένων διὰ τὴν ἐπίλυσιν τῶν προβλημάτων των.

ΑΘΗΝΑΙ, 12.— Παρὰ τὴν ἐπικρατοῦσαν κατάστασιν τῶν σωματείων ἐξητάσθη ἡ συνδικαλιστικὴ κίνησις ὑπὸ τῆς γενικῆς συνελεύσεως, τὰ δὲ μέλη τῆς διοικήσεως ἐξέφρασαν τὰς ἀπόψεις των ἐπὶ τῶν ζητημάτων ποὺ ἀπασχολοῦν τὴν ἐργατικὴν τάξιν τῆς πόλεως καὶ τῆς περιφερείας. Κατὰ τὴν συζήτησιν ὡμίλησαν πολλοὶ ἐκπρόσωποι, οἱ ὁποῖοι ἐτόνισαν τὴν ἀνάγκην ἑνότητος καὶ συνεργασίας ὅλων τῶν ἐργαζομένων διὰ τὴν ἐπίλυσιν τῶν προβλημάτων των.

ΑΘΗΝΑΙ, 12.— Παρὰ τὴν ἐπικρατοῦσαν κατάστασιν τῶν σωματείων ἐξητάσθη ἡ συνδικαλιστικὴ κίνησις ὑπὸ τῆς γενικῆς συνελεύσεως, τὰ δὲ μέλη τῆς διοικήσεως ἐξέφρασαν τὰς ἀπόψεις των ἐπὶ τῶν ζητημάτων ποὺ ἀπασχολοῦν τὴν ἐργατικὴν τάξιν τῆς πόλεως καὶ τῆς περιφερείας. Κατὰ τὴν συζήτησιν ὡμίλησαν πολλοὶ ἐκπρόσωποι, οἱ ὁποῖοι ἐτόνισαν τὴν ἀνάγκην ἑνότητος καὶ συνεργασίας ὅλων τῶν ἐργαζομένων διὰ τὴν ἐπίλυσιν τῶν προβλημάτων των.

ΑΙ ΕΡΓΑΤΙΚΑΙ ΕΙΔΗΣΕΙΣ

ΑΘΗΝΑΙ, 12.— Παρὰ τὴν ἐπικρατοῦσαν κατάστασιν τῶν σωματείων ἐξητάσθη ἡ συνδικαλιστικὴ κίνησις ὑπὸ τῆς γενικῆς συνελεύσεως, τὰ δὲ μέλη τῆς διοικήσεως ἐξέφρασαν τὰς ἀπόψεις των ἐπὶ τῶν ζητημάτων ποὺ ἀπασχολοῦν τὴν ἐργατικὴν τάξιν τῆς πόλεως καὶ τῆς περιφερείας. Κατὰ τὴν συζήτησιν ὡμίλησαν πολλοὶ ἐκπρόσωποι, οἱ ὁποῖοι ἐτόνισαν τὴν ἀνάγκην ἑνότητος καὶ συνεργασίας ὅλων τῶν ἐργαζομένων διὰ τὴν ἐπίλυσιν τῶν προβλημάτων των.

ΑΘΗΝΑΙ, 12.— Παρὰ τὴν ἐπικρατοῦσαν κατάστασιν τῶν σωματείων ἐξητάσθη ἡ συνδικαλιστικὴ κίνησις ὑπὸ τῆς γενικῆς συνελεύσεως, τὰ δὲ μέλη τῆς διοικήσεως ἐξέφρασαν τὰς ἀπόψεις των ἐπὶ τῶν ζητημάτων ποὺ ἀπασχολοῦν τὴν ἐργατικὴν τάξιν τῆς πόλεως καὶ τῆς περιφερείας. Κατὰ τὴν συζήτησιν ὡμίλησαν πολλοὶ ἐκπρόσωποι, οἱ ὁποῖοι ἐτόνισαν τὴν ἀνάγκην ἑνότητος καὶ συνεργασίας ὅλων τῶν ἐργαζομένων διὰ τὴν ἐπίλυσιν τῶν προβλημάτων των.

ΑΘΗΝΑΙ, 12.— Παρὰ τὴν ἐπικρατοῦσαν κατάστασιν τῶν σωματείων ἐξητάσθη ἡ συνδικαλιστικὴ κίνησις ὑπὸ τῆς γενικῆς συνελεύσεως, τὰ δὲ μέλη τῆς διοικήσεως ἐξέφρασαν τὰς ἀπόψεις των ἐπὶ τῶν ζητημάτων ποὺ ἀπασχολοῦν τὴν ἐργατικὴν τάξιν τῆς πόλεως καὶ τῆς περιφερείας. Κατὰ τὴν συζήτησιν ὡμίλησαν πολλοὶ ἐκπρόσωποι, οἱ ὁποῖοι ἐτόνισαν τὴν ἀνάγκην ἑνότητος καὶ συνεργασίας ὅλων τῶν ἐργαζομένων διὰ τὴν ἐπίλυσιν τῶν προβλημάτων των.

ΑΘΗΝΑΙ, 12.— Παρὰ τὴν ἐπικρατοῦσαν κατάστασιν τῶν σωματείων ἐξητάσθη ἡ συνδικαλιστικὴ κίνησις ὑπὸ τῆς γενικῆς συνελεύσεως, τὰ δὲ μέλη τῆς διοικήσεως ἐξέφρασαν τὰς ἀπόψεις των ἐπὶ τῶν ζητημάτων ποὺ ἀπασχολοῦν τὴν ἐργατικὴν τάξιν τῆς πόλεως καὶ τῆς περιφερείας. Κατὰ τὴν συζήτησιν ὡμίλησαν πολλοὶ ἐκπρόσωποι, οἱ ὁποῖοι ἐτόνισαν τὴν ἀνάγκην ἑνότητος καὶ συνεργασίας ὅλων τῶν ἐργαζομένων διὰ τὴν ἐπίλυσιν τῶν προβλημάτων των.

ΑΘΗΝΑΙ, 12.— Παρὰ τὴν ἐπικρατοῦσαν κατάστασιν τῶν σωματείων ἐξητάσθη ἡ συνδικαλιστικὴ κίνησις ὑπὸ τῆς γενικῆς συνελεύσεως, τὰ δὲ μέλη τῆς διοικήσεως ἐξέφρασαν τὰς ἀπόψεις των ἐπὶ τῶν ζητημάτων ποὺ ἀπασχολοῦν τὴν ἐργατικὴν τάξιν τῆς πόλεως καὶ τῆς περιφερείας. Κατὰ τὴν συζήτησιν ὡμίλησαν πολλοὶ ἐκπρόσωποι, οἱ ὁποῖοι ἐτόνισαν τὴν ἀνάγκην ἑνότητος καὶ συνεργασίας ὅλων τῶν ἐργαζομένων διὰ τὴν ἐπίλυσιν τῶν προβλημάτων των.

Η ΕΟΡΤΗ ΤΩΝ ΥΠΟΔΗΜΑΤΟΠΟΙΩΝ ΣΕΡΡΩΝ
Δύο φωτογραφίαι ἀπὸ τὴν περιφοράν τῆς εἰκόνος τοῦ Ἁγ. Σπυρίδωνος.

ΑΘΗΝΑΙ, 12.— Παρὰ τὴν ἐπικρατοῦσαν κατάστασιν τῶν σωματείων ἐξητάσθη ἡ συνδικαλιστικὴ κίνησις ὑπὸ τῆς γενικῆς συνελεύσεως, τὰ δὲ μέλη τῆς διοικήσεως ἐξέφρασαν τὰς ἀπόψεις των ἐπὶ τῶν ζητημάτων ποὺ ἀπασχολοῦν τὴν ἐργατικὴν τάξιν τῆς πόλεως καὶ τῆς περιφερείας. Κατὰ τὴν συζήτησιν ὡμίλησαν πολλοὶ ἐκπρόσωποι, οἱ ὁποῖοι ἐτόνισαν τὴν ἀνάγκην ἑνότητος καὶ συνεργασίας ὅλων τῶν ἐργαζομένων διὰ τὴν ἐπίλυσιν τῶν προβλημάτων των.

ΑΘΗΝΑΙ, 12.— Παρὰ τὴν ἐπικρατοῦσαν κατάστασιν τῶν σωματείων ἐξητάσθη ἡ συνδικαλιστικὴ κίνησις ὑπὸ τῆς γενικῆς συνελεύσεως, τὰ δὲ μέλη τῆς διοικήσεως ἐξέφρασαν τὰς ἀπόψεις των ἐπὶ τῶν ζητημάτων ποὺ ἀπασχολοῦν τὴν ἐργατικὴν τάξιν τῆς πόλεως καὶ τῆς περιφερείας. Κατὰ τὴν συζήτησιν ὡμίλησαν πολλοὶ ἐκπρόσωποι, οἱ ὁποῖοι ἐτόνισαν τὴν ἀνάγκην ἑνότητος καὶ συνεργασίας ὅλων τῶν ἐργαζομένων διὰ τὴν ἐπίλυσιν τῶν προβλημάτων των.

ΤΙ ΝΕΑ ΑΠ' ΤΗΝ ΠΟΛΙ;

ΑΘΗΝΑΙ, 12.— Παρὰ τὴν ἐπικρατοῦσαν κατάστασιν τῶν σωματείων ἐξητάσθη ἡ συνδικαλιστικὴ κίνησις ὑπὸ τῆς γενικῆς συνελεύσεως, τὰ δὲ μέλη τῆς διοικήσεως ἐξέφρασαν τὰς ἀπόψεις των ἐπὶ τῶν ζητημάτων ποὺ ἀπασχολοῦν τὴν ἐργατικὴν τάξιν τῆς πόλεως καὶ τῆς περιφερείας. Κατὰ τὴν συζήτησιν ὡμίλησαν πολλοὶ ἐκπρόσωποι, οἱ ὁποῖοι ἐτόνισαν τὴν ἀνάγκην ἑνότητος καὶ συνεργασίας ὅλων τῶν ἐργαζομένων διὰ τὴν ἐπίλυσιν τῶν προβλημάτων των.

ΑΘΗΝΑΙ, 12.— Παρὰ τὴν ἐπικρατοῦσαν κατάστασιν τῶν σωματείων ἐξητάσθη ἡ συνδικαλιστικὴ κίνησις ὑπὸ τῆς γενικῆς συνελεύσεως, τὰ δὲ μέλη τῆς διοικήσεως ἐξέφρασαν τὰς ἀπόψεις των ἐπὶ τῶν ζητημάτων ποὺ ἀπασχολοῦν τὴν ἐργατικὴν τάξιν τῆς πόλεως καὶ τῆς περιφερείας. Κατὰ τὴν συζήτησιν ὡμίλησαν πολλοὶ ἐκπρόσωποι, οἱ ὁποῖοι ἐτόνισαν τὴν ἀνάγκην ἑνότητος καὶ συνεργασίας ὅλων τῶν ἐργαζομένων διὰ τὴν ἐπίλυσιν τῶν προβλημάτων των.

ΑΘΗΝΑΙ, 12.— Παρὰ τὴν ἐπικρατοῦσαν κατάστασιν τῶν σωματείων ἐξητάσθη ἡ συνδικαλιστικὴ κίνησις ὑπὸ τῆς γενικῆς συνελεύσεως, τὰ δὲ μέλη τῆς διοικήσεως ἐξέφρασαν τὰς ἀπόψεις των ἐπὶ τῶν ζητημάτων ποὺ ἀπασχολοῦν τὴν ἐργατικὴν τάξιν τῆς πόλεως καὶ τῆς περιφερείας. Κατὰ τὴν συζήτησιν ὡμίλησαν πολλοὶ ἐκπρόσωποι, οἱ ὁποῖοι ἐτόνισαν τὴν ἀνάγκην ἑνότητος καὶ συνεργασίας ὅλων τῶν ἐργαζομένων διὰ τὴν ἐπίλυσιν τῶν προβλημάτων των.

ΑΘΗΝΑΙ, 12.— Παρὰ τὴν ἐπικρατοῦσαν κατάστασιν τῶν σωματείων ἐξητάσθη ἡ συνδικαλιστικὴ κίνησις ὑπὸ τῆς γενικῆς συνελεύσεως, τὰ δὲ μέλη τῆς διοικήσεως ἐξέφρασαν τὰς ἀπόψεις των ἐπὶ τῶν ζητημάτων ποὺ ἀπασχολοῦν τὴν ἐργατικὴν τάξιν τῆς πόλεως καὶ τῆς περιφερείας. Κατὰ τὴν συζήτησιν ὡμίλησαν πολλοὶ ἐκπρόσωποι, οἱ ὁποῖοι ἐτόνισαν τὴν ἀνάγκην ἑνότητος καὶ συνεργασίας ὅλων τῶν ἐργαζομένων διὰ τὴν ἐπίλυσιν τῶν προβλημάτων των.

401 ΕΚΑΤΟΜ. ΔΟΛΛΑΡΙΩΝ ΔΙΕΤΕΘΗΣΑΝ ΔΙ' ΕΙΣΑΓΩΓΑΣ ΚΑΤΑ ΤΟ ΔΕΚΑΜΗΝΟΝ ΙΑΝΟΥΑΡΙΟΥ — ΟΚΤΩΒΡΙΟΥ

ΑΘΗΝΑΙ, 12.— Παρὰ τὴν ἐπικρατοῦσαν κατάστασιν τῶν σωματείων ἐξητάσθη ἡ συνδικαλιστικὴ κίνησις ὑπὸ τῆς γενικῆς συνελεύσεως, τὰ δὲ μέλη τῆς διοικήσεως ἐξέφρασαν τὰς ἀπόψεις των ἐπὶ τῶν ζητημάτων ποὺ ἀπασχολοῦν τὴν ἐργατικὴν τάξιν τῆς πόλεως καὶ τῆς περιφερείας. Κατὰ τὴν συζήτησιν ὡμίλησαν πολλοὶ ἐκπρόσωποι, οἱ ὁποῖοι ἐτόνισαν τὴν ἀνάγκην ἑνότητος καὶ συνεργασίας ὅλων τῶν ἐργαζομένων διὰ τὴν ἐπίλυσιν τῶν προβλημάτων των.

ΤΗΝ 19ΗΝ ΚΑΙ 20ΗΝ ΘΑ ΛΑΒΟΥΝ ΤΟ ΔΩΡΟΝ ΟΙ ΣΥΝΤΑΞΙΟΥΧΟΙ ΤΟΥ Ι.Κ.Α.

ΑΘΗΝΑΙ, 12.— Παρὰ τὴν ἐπικρατοῦσαν κατάστασιν τῶν σωματείων ἐξητάσθη ἡ συνδικαλιστικὴ κίνησις ὑπὸ τῆς γενικῆς συνελεύσεως, τὰ δὲ μέλη τῆς διοικήσεως ἐξέφρασαν τὰς ἀπόψεις των ἐπὶ τῶν ζητημάτων ποὺ ἀπασχολοῦν τὴν ἐργατικὴν τάξιν τῆς πόλεως καὶ τῆς περιφερείας. Κατὰ τὴν συζήτησιν ὡμίλησαν πολλοὶ ἐκπρόσωποι, οἱ ὁποῖοι ἐτόνισαν τὴν ἀνάγκην ἑνότητος καὶ συνεργασίας ὅλων τῶν ἐργαζομένων διὰ τὴν ἐπίλυσιν τῶν προβλημάτων των.

ΝΕΑ ΣΥΝΟΜΙΛΙΑ ΤΩΝ ΕΝ ΒΑΡΣΟΒΙΑ ΠΡΕΣΒΕΩΝ ΑΜΕΡΙΚΗΣ ΚΑΙ ΚΙΝΑΣ

ΑΘΗΝΑΙ, 12.— Παρὰ τὴν ἐπικρατοῦσαν κατάστασιν τῶν σωματείων ἐξητάσθη ἡ συνδικαλιστικὴ κίνησις ὑπὸ τῆς γενικῆς συνελεύσεως, τὰ δὲ μέλη τῆς διοικήσεως ἐξέφρασαν τὰς ἀπόψεις των ἐπὶ τῶν ζητημάτων ποὺ ἀπασχολοῦν τὴν ἐργατικὴν τάξιν τῆς πόλεως καὶ τῆς περιφερείας. Κατὰ τὴν συζήτησιν ὡμίλησαν πολλοὶ ἐκπρόσωποι, οἱ ὁποῖοι ἐτόνισαν τὴν ἀνάγκην ἑνότητος καὶ συνεργασίας ὅλων τῶν ἐργαζομένων διὰ τὴν ἐπίλυσιν τῶν προβλημάτων των.

ΠΥΞΗΣΙΣ ΣΗΜΑΝΤΙΚΗ Η ΚΑΤΑΝΑΛΩΣΙΣ ΗΛΕΚΤΡΙΚΟΥ ΡΕΥΜΑΤΟΣ

ΑΘΗΝΑΙ, 12.— Παρὰ τὴν ἐπικρατοῦσαν κατάστασιν τῶν σωματείων ἐξητάσθη ἡ συνδικαλιστικὴ κίνησις ὑπὸ τῆς γενικῆς συνελεύσεως, τὰ δὲ μέλη τῆς διοικήσεως ἐξέφρασαν τὰς ἀπόψεις των ἐπὶ τῶν ζητημάτων ποὺ ἀπασχολοῦν τὴν ἐργατικὴν τάξιν τῆς πόλεως καὶ τῆς περιφερείας. Κατὰ τὴν συζήτησιν ὡμίλησαν πολλοὶ ἐκπρόσωποι, οἱ ὁποῖοι ἐτόνισαν τὴν ἀνάγκην ἑνότητος καὶ συνεργασίας ὅλων τῶν ἐργαζομένων διὰ τὴν ἐπίλυσιν τῶν προβλημάτων των.

ΤΙ ΖΗΤΕΙ Ο ΠΕΡΟΝ ΔΙΑ ΝΑ ΑΝΑΜΕΙΧΘΗ ΤΟΥΣ ΔΙΑΔΟΧΟΥΣ ΤΟΥ

ΑΘΗΝΑΙ, 12.— Παρὰ τὴν ἐπικρατοῦσαν κατάστασιν τῶν σωματείων ἐξητάσθη ἡ συνδικαλιστικὴ κίνησις ὑπὸ τῆς γενικῆς συνελεύσεως, τὰ δὲ μέλη τῆς διοικήσεως ἐξέφρασαν τὰς ἀπόψεις των ἐπὶ τῶν ζητημάτων ποὺ ἀπασχολοῦν τὴν ἐργατικὴν τάξιν τῆς πόλεως καὶ τῆς περιφερείας. Κατὰ τὴν συζήτησιν ὡμίλησαν πολλοὶ ἐκπρόσωποι, οἱ ὁποῖοι ἐτόνισαν τὴν ἀνάγκην ἑνότητος καὶ συνεργασίας ὅλων τῶν ἐργαζομένων διὰ τὴν ἐπίλυσιν τῶν προβλημάτων των.

ΖΗΤΕΙΤΑΙ ΜΑΚΡΑ ΔΙΑ ΝΑ ΕΞΟΡΚΙΣΗ ΤΑ ΑΠΟΔΥΤΗΡΙΑ

ΑΘΗΝΑΙ, 12.— Παρὰ τὴν ἐπικρατοῦσαν κατάστασιν τῶν σωματείων ἐξητάσθη ἡ συνδικαλιστικὴ κίνησις ὑπὸ τῆς γενικῆς συνελεύσεως, τὰ δὲ μέλη τῆς διοικήσεως ἐξέφρασαν τὰς ἀπόψεις των ἐπὶ τῶν ζητημάτων ποὺ ἀπασχολοῦν τὴν ἐργατικὴν τάξιν τῆς πόλεως καὶ τῆς περιφερείας. Κατὰ τὴν συζήτησιν ὡμίλησαν πολλοὶ ἐκπρόσωποι, οἱ ὁποῖοι ἐτόνισαν τὴν ἀνάγκην ἑνότητος καὶ συνεργασίας ὅλων τῶν ἐργαζομένων διὰ τὴν ἐπίλυσιν τῶν προβλημάτων των.

ΑΥΡΙΟΝ ΤΟ ΠΡΩΙ Ο Κ. ΦΑΝΦΑΝΙ ΦΘΑΝΕΙ ΕΙΣ ΒΟΝΝΗΝ

ΑΘΗΝΑΙ, 12.— Παρὰ τὴν ἐπικρατοῦσαν κατάστασιν τῶν σωματείων ἐξητάσθη ἡ συνδικαλιστικὴ κίνησις ὑπὸ τῆς γενικῆς συνελεύσεως, τὰ δὲ μέλη τῆς διοικήσεως ἐξέφρασαν τὰς ἀπόψεις των ἐπὶ τῶν ζητημάτων ποὺ ἀπασχολοῦν τὴν ἐργατικὴν τάξιν τῆς πόλεως καὶ τῆς περιφερείας. Κατὰ τὴν συζήτησιν ὡμίλησαν πολλοὶ ἐκπρόσωποι, οἱ ὁποῖοι ἐτόνισαν τὴν ἀνάγκην ἑνότητος καὶ συνεργασίας ὅλων τῶν ἐργαζομένων διὰ τὴν ἐπίλυσιν τῶν προβλημάτων των.

ΚΑΙ ΟΙ ΓΟΝΕΙΣ ΗΚΟΛΟΥΘΗΣΑΝ ΤΗΝ ΠΟΡΕΙΑΝ

ΑΘΗΝΑΙ, 12.— Παρὰ τὴν ἐπικρατοῦσαν κατάστασιν τῶν σωματείων ἐξητάσθη ἡ συνδικαλιστικὴ κίνησις ὑπὸ τῆς γενικῆς συνελεύσεως, τὰ δὲ μέλη τῆς διοικήσεως ἐξέφρασαν τὰς ἀπόψεις των ἐπὶ τῶν ζητημάτων ποὺ ἀπασχολοῦν τὴν ἐργατικὴν τάξιν τῆς πόλεως καὶ τῆς περιφερείας. Κατὰ τὴν συζήτησιν ὡμίλησαν πολλοὶ ἐκπρόσωποι, οἱ ὁποῖοι ἐτόνισαν τὴν ἀνάγκην ἑνότητος καὶ συνεργασίας ὅλων τῶν ἐργαζομένων διὰ τὴν ἐπίλυσιν τῶν προβλημάτων των.

ΣΕΙΣΜΙΚΑΙ ΔΟΝΗΣΕΙΣ ΕΙΣ ΤΗΝ ΓΟΥΑΤΕΜΑΛΑΝ

ΑΘΗΝΑΙ, 12.— Παρὰ τὴν ἐπικρατοῦσαν κατάστασιν τῶν σωματείων ἐξητάσθη ἡ συνδικαλιστικὴ κίνησις ὑπὸ τῆς γενικῆς συνελεύσεως, τὰ δὲ μέλη τῆς διοικήσεως ἐξέφρασαν τὰς ἀπόψεις των ἐπὶ τῶν ζητημάτων ποὺ ἀπασχολοῦν τὴν ἐργατικὴν τάξιν τῆς πόλεως καὶ τῆς περιφερείας. Κατὰ τὴν συζήτησιν ὡμίλησαν πολλοὶ ἐκπρόσωποι, οἱ ὁποῖοι ἐτόνισαν τὴν ἀνάγκην ἑνότητος καὶ συνεργασίας ὅλων τῶν ἐργαζομένων διὰ τὴν ἐπίλυσιν τῶν προβλημάτων των.

ΜΙΑ ΑΜΝΑΣ ΕΓΕΝΝΗΣΕ ΠΕΝΤΑΔΥΜΑ
Ὁ φιλοπρόοδος γεωργοκτηνοτρόφος Χαράλαμπος Κουκοπάδης, κάτοικος Νέου Σουλίου Σερρῶν, εἰς τὴν προσπάθειάν του νὰ ἀναπτύξῃ τὸ ποίμνιό του, ἀπέκτησεν ἀπὸ μίαν προβατίναν ἑνὸς πέντε ἀρνάκια...
ΚΑΤΕΣΧΕΘΗΣΑΝ ΤΑ ΔΙΑΧΕΙΡΙΣΤΙΚΑ ΒΙΒΛΙΑ ΚΑΙ ΕΣΦΡΑΓΙΣΘΗΣΑΝ ΟΛΑ ΤΑ ΕΡΜΑΡΙΑ ΤΗΣ ΕΝΩΣΕΩΣ ΤΩΝ ΕΜΠΟΡΟΫΠΑΛΛΗΛΩΝ
Ἐντονος διαμαρτυρία πρὸς τὴν κυβέρνησιν

ΑΘΗΝΑΙ, 12.— Παρὰ τὴν ἐπικρατοῦσαν κατάστασιν τῶν σωματείων ἐξητάσθη ἡ συνδικαλιστικὴ κίνησις ὑπὸ τῆς γενικῆς συνελεύσεως, τὰ δὲ μέλη τῆς διοικήσεως ἐξέφρασαν τὰς ἀπόψεις των ἐπὶ τῶν ζητημάτων ποὺ ἀπασχολοῦν τὴν ἐργατικὴν τάξιν τῆς πόλεως καὶ τῆς περιφερείας. Κατὰ τὴν συζήτησιν ὡμίλησαν πολλοὶ ἐκπρόσωποι, οἱ ὁποῖοι ἐτόνισαν τὴν ἀνάγκην ἑνότητος καὶ συνεργασίας ὅλων τῶν ἐργαζομένων διὰ τὴν ἐπίλυσιν τῶν προβλημάτων των.

ΑΘΗΝΑΙ, 12.— Παρὰ τὴν ἐπικρατοῦσαν κατάστασιν τῶν σωματείων ἐξητάσθη ἡ συνδικαλιστικὴ κίνησις ὑπὸ τῆς γενικῆς συνελεύσεως, τὰ δὲ μέλη τῆς διοικήσεως ἐξέφρασαν τὰς ἀπόψεις των ἐπὶ τῶν ζητημάτων ποὺ ἀπασχολοῦν τὴν ἐργατικὴν τάξιν τῆς πόλεως καὶ τῆς περιφερείας. Κατὰ τὴν συζήτησιν ὡμίλησαν πολλοὶ ἐκπρόσωποι, οἱ ὁποῖοι ἐτόνισαν τὴν ἀνάγκην ἑνότητος καὶ συνεργασίας ὅλων τῶν ἐργαζομένων διὰ τὴν ἐπίλυσιν τῶν προβλημάτων των.

ΑΘΗΝΑΙ, 12.— Παρὰ τὴν ἐπικρατοῦσαν κατάστασιν τῶν σωματείων ἐξητάσθη ἡ συνδικαλιστικὴ κίνησις ὑπὸ τῆς γενικῆς συνελεύσεως, τὰ δὲ μέλη τῆς διοικήσεως ἐξέφρασαν τὰς ἀπόψεις των ἐπὶ τῶν ζητημάτων ποὺ ἀπασχολοῦν τὴν ἐργατικὴν τάξιν τῆς πόλεως καὶ τῆς περιφερείας. Κατὰ τὴν συζήτησιν ὡμίλησαν πολλοὶ ἐκπρόσωποι, οἱ ὁποῖοι ἐτόνισαν τὴν ἀνάγκην ἑνότητος καὶ συνεργασίας ὅλων τῶν ἐργαζομένων διὰ τὴν ἐπίλυσιν τῶν προβλημάτων των.

ΑΘΗΝΑΙ, 12.— Παρὰ τὴν ἐπικρατοῦσαν κατάστασιν τῶν σωματείων ἐξητάσθη ἡ συνδικαλιστικὴ κίνησις ὑπὸ τῆς γενικῆς συνελεύσεως, τὰ δὲ μέλη τῆς διοικήσεως ἐξέφρασαν τὰς ἀπόψεις των ἐπὶ τῶν ζητημάτων ποὺ ἀπασχολοῦν τὴν ἐργατικὴν τάξιν τῆς πόλεως καὶ τῆς περιφερείας. Κατὰ τὴν συζήτησιν ὡμίλησαν πολλοὶ ἐκπρόσωποι, οἱ ὁποῖοι ἐτόνισαν τὴν ἀνάγκην ἑνότητος καὶ συνεργασίας ὅλων τῶν ἐργαζομένων διὰ τὴν ἐπίλυσιν τῶν προβλημάτων των.

ΟΙ ΕΡΓΑΖΟΜΕΝΟΙ ΕΙΣ ΤΑ ΤΟΥΡΙΣΤΙΚΑ ΕΠΑΓΓΕΛΜΑΤΑ ΘΑ ΕΦΟΔΙΑΣΘΟΥΝ ΔΙ' ΕΠΑΓΓΕΛΜΑΤΙΚΩΝ ΒΙΒΛΙΑΡΙΩΝ
ΠΟΙΑ ΔΙΚΑΙΟΛΟΓΗΤΙΚΑ ΔΕΟΝ ΝΑ ΥΠΟΒΑΛΟΥΝ ΟΥΤΟΙ

ΑΘΗΝΑΙ, 12.— Παρὰ τὴν ἐπικρατοῦσαν κατάστασιν τῶν σωματείων ἐξητάσθη ἡ συνδικαλιστικὴ κίνησις ὑπὸ τῆς γενικῆς συνελεύσεως, τὰ δὲ μέλη τῆς διοικήσεως ἐξέφρασαν τὰς ἀπόψεις των ἐπὶ τῶν ζητημάτων ποὺ ἀπασχολοῦν τὴν ἐργατικὴν τάξιν τῆς πόλεως καὶ τῆς περιφερείας. Κατὰ τὴν συζήτησιν ὡμίλησαν πολλοὶ ἐκπρόσωποι, οἱ ὁποῖοι ἐτόνισαν τὴν ἀνάγκην ἑνότητος καὶ συνεργασίας ὅλων τῶν ἐργαζομένων διὰ τὴν ἐπίλυσιν τῶν προβλημάτων των.

ΑΘΗΝΑΙ, 12.— Παρὰ τὴν ἐπικρατοῦσαν κατάστασιν τῶν σωματείων ἐξητάσθη ἡ συνδικαλιστικὴ κίνησις ὑπὸ τῆς γενικῆς συνελεύσεως, τὰ δὲ μέλη τῆς διοικήσεως ἐξέφρασαν τὰς ἀπόψεις των ἐπὶ τῶν ζητημάτων ποὺ ἀπασχολοῦν τὴν ἐργατικὴν τάξιν τῆς πόλεως καὶ τῆς περιφερείας. Κατὰ τὴν συζήτησιν ὡμίλησαν πολλοὶ ἐκπρόσωποι, οἱ ὁποῖοι ἐτόνισαν τὴν ἀνάγκην ἑνότητος καὶ συνεργασίας ὅλων τῶν ἐργαζομένων διὰ τὴν ἐπίλυσιν τῶν προβλημάτων των.

ΑΘΗΝΑΙ, 12.— Παρὰ τὴν ἐπικρατοῦσαν κατάστασιν τῶν σωματείων ἐξητάσθη ἡ συνδικαλιστικὴ κίνησις ὑπὸ τῆς γενικῆς συνελεύσεως, τὰ δὲ μέλη τῆς διοικήσεως ἐξέφρασαν τὰς ἀπόψεις των ἐπὶ τῶν ζητημάτων ποὺ ἀπασχολοῦν τὴν ἐργατικὴν τάξιν τῆς πόλεως καὶ τῆς περιφερείας. Κατὰ τὴν συζήτησιν ὡμίλησαν πολλοὶ ἐκπρόσωποι, οἱ ὁποῖοι ἐτόνισαν τὴν ἀνάγκην ἑνότητος καὶ συνεργασίας ὅλων τῶν ἐργαζομένων διὰ τὴν ἐπίλυσιν τῶν προβλημάτων των.

ΑΘΗΝΑΙ, 12.— Παρὰ τὴν ἐπικρατοῦσαν κατάστασιν τῶν σωματείων ἐξητάσθη ἡ συνδικαλιστικὴ κίνησις ὑπὸ τῆς γενικῆς συνελεύσεως, τὰ δὲ μέλη τῆς διοικήσεως ἐξέφρασαν τὰς ἀπόψεις των ἐπὶ τῶν ζητημάτων ποὺ ἀπασχολοῦν τὴν ἐργατικὴν τάξιν τῆς πόλεως καὶ τῆς περιφερείας. Κατὰ τὴν συζήτησιν ὡμίλησαν πολλοὶ ἐκπρόσωποι, οἱ ὁποῖοι ἐτόνισαν τὴν ἀνάγκην ἑνότητος καὶ συνεργασίας ὅλων τῶν ἐργαζομένων διὰ τὴν ἐπίλυσιν τῶν προβλημάτων των.

Η ΚΑΤΑΒΟΛΗ ΤΟΥ ΔΩΡΟΥ ΤΩΝ ΟΙΚΟΔΟΜΩΝ
ΘΑ ΔΟΘΗ ΒΟΗΘΗΜΑ ΕΙΣ ΤΟΥΣ ΑΝΕΡΓΟΥΣ

ΑΘΗΝΑΙ, 12.— Παρὰ τὴν ἐπικρατοῦσαν κατάστασιν τῶν σωματείων ἐξητάσθη ἡ συνδικαλιστικὴ κίνησις ὑπὸ τῆς γενικῆς συνελεύσεως, τὰ δὲ μέλη τῆς διοικήσεως ἐξέφρασαν τὰς ἀπόψεις των ἐπὶ τῶν ζητημάτων ποὺ ἀπασχολοῦν τὴν ἐργατικὴν τάξιν τῆς πόλεως καὶ τῆς περιφερείας. Κατὰ τὴν συζήτησιν ὡμίλησαν πολλοὶ ἐκπρόσωποι, οἱ ὁποῖοι ἐτόνισαν τὴν ἀνάγκην ἑνότητος καὶ συνεργασίας ὅλων τῶν ἐργαζομένων διὰ τὴν ἐπίλυσιν τῶν προβλημάτων των.

ΑΘΗΝΑΙ, 12.— Παρὰ τὴν ἐπικρατοῦσαν κατάστασιν τῶν σωματείων ἐξητάσθη ἡ συνδικαλιστικὴ κίνησις ὑπὸ τῆς γενικῆς συνελεύσεως, τὰ δὲ μέλη τῆς διοικήσεως ἐξέφρασαν τὰς ἀπόψεις των ἐπὶ τῶν ζητημάτων ποὺ ἀπασχολοῦν τὴν ἐργατικὴν τάξιν τῆς πόλεως καὶ τῆς περιφερείας. Κατὰ τὴν συζήτησιν ὡμίλησαν πολλοὶ ἐκπρόσωποι, οἱ ὁποῖοι ἐτόνισαν τὴν ἀνάγκην ἑνότητος καὶ συνεργασίας ὅλων τῶν ἐργαζομένων διὰ τὴν ἐπίλυσιν τῶν προβλημάτων των.

ΣΥΝΕΡΓΑΣΙΑΙ ΤΟΥ Κ. ΘΕΟΛΟΓΙΤΗ ΕΙΣ ΑΘΗΝΑΣ

ΑΘΗΝΑΙ, 12.— Παρὰ τὴν ἐπικρατοῦσαν κατάστασιν τῶν σωματείων ἐξητάσθη ἡ συνδικαλιστικὴ κίνησις ὑπὸ τῆς γενικῆς συνελεύσεως, τὰ δὲ μέλη τῆς διοικήσεως ἐξέφρασαν τὰς ἀπόψεις των ἐπὶ τῶν ζητημάτων ποὺ ἀπασχολοῦν τὴν ἐργατικὴν τάξιν τῆς πόλεως καὶ τῆς περιφερείας. Κατὰ τὴν συζήτησιν ὡμίλησαν πολλοὶ ἐκπρόσωποι, οἱ ὁποῖοι ἐτόνισαν τὴν ἀνάγκην ἑνότητος καὶ συνεργασίας ὅλων τῶν ἐργαζομένων διὰ τὴν ἐπίλυσιν τῶν προβλημάτων των.

ΑΘΗΝΑΙ, 12.— Παρὰ τὴν ἐπικρατοῦσαν κατάστασιν τῶν σωματείων ἐξητάσθη ἡ συνδικαλιστικὴ κίνησις ὑπὸ τῆς γενικῆς συνελεύσεως, τὰ δὲ μέλη τῆς διοικήσεως ἐξέφρασαν τὰς ἀπόψεις των ἐπὶ τῶν ζητημάτων ποὺ ἀπασχολοῦν τὴν ἐργατικὴν τάξιν τῆς πόλεως καὶ τῆς περιφερείας. Κατὰ τὴν συζήτησιν ὡμίλησαν πολλοὶ ἐκπρόσωποι, οἱ ὁποῖοι ἐτόνισαν τὴν ἀνάγκην ἑνότητος καὶ συνεργασίας ὅλων τῶν ἐργαζομένων διὰ τὴν ἐπίλυσιν τῶν προβλημάτων των.

ΤΕΡΜΑΤΙΖΕΤΑΙ Η ΑΝΑΘΕΩΡΗΣΙΣ ΠΟΛΙΤΙΚΗΣ ΔΙΚΟΝΟΜΙΑΣ

ΑΘΗΝΑΙ, 12.— Παρὰ τὴν ἐπικρατοῦσαν κατάστασιν τῶν σωματείων ἐξητάσθη ἡ συνδικαλιστικὴ κίνησις ὑπὸ τῆς γενικῆς συνελεύσεως, τὰ δὲ μέλη τῆς διοικήσεως ἐξέφρασαν τὰς ἀπόψεις των ἐπὶ τῶν ζητημάτων ποὺ ἀπασχολοῦν τὴν ἐργατικὴν τάξιν τῆς πόλεως καὶ τῆς περιφερείας. Κατὰ τὴν συζήτησιν ὡμίλησαν πολλοὶ ἐκπρόσωποι, οἱ ὁποῖοι ἐτόνισαν τὴν ἀνάγκην ἑνότητος καὶ συνεργασίας ὅλων τῶν ἐργαζομένων διὰ τὴν ἐπίλυσιν τῶν προβλημάτων των.

ΑΘΗΝΑΙ, 12.— Παρὰ τὴν ἐπικρατοῦσαν κατάστασιν τῶν σωματείων ἐξητάσθη ἡ συνδικαλιστικὴ κίνησις ὑπὸ τῆς γενικῆς συνελεύσεως, τὰ δὲ μέλη τῆς διοικήσεως ἐξέφρασαν τὰς ἀπόψεις των ἐπὶ τῶν ζητημάτων ποὺ ἀπασχολοῦν τὴν ἐργατικὴν τάξιν τῆς πόλεως καὶ τῆς περιφερείας. Κατὰ τὴν συζήτησιν ὡμίλησαν πολλοὶ ἐκπρόσωποι, οἱ ὁποῖοι ἐτόνισαν τὴν ἀνάγκην ἑνότητος καὶ συνεργασίας ὅλων τῶν ἐργαζομένων διὰ τὴν ἐπίλυσιν τῶν προβλημάτων των.

ΜΙΚΡΑ ΕΓΧΩΡΙΑ ΝΕΑ

ΑΘΗΝΑΙ, 12.— Παρὰ τὴν ἐπικρατοῦσαν κατάστασιν τῶν σωματείων ἐξητάσθη ἡ συνδικαλιστικὴ κίνησις ὑπὸ τῆς γενικῆς συνελεύσεως, τὰ δὲ μέλη τῆς διοικήσεως ἐξέφρασαν τὰς ἀπόψεις των ἐπὶ τῶν ζητημάτων ποὺ ἀπασχολοῦν τὴν ἐργατικὴν τάξιν τῆς πόλεως καὶ τῆς περιφερείας. Κατὰ τὴν συζήτησιν ὡμίλησαν πολλοὶ ἐκπρόσωποι, οἱ ὁποῖοι ἐτόνισαν τὴν ἀνάγκην ἑνότητος καὶ συνεργασίας ὅλων τῶν ἐργαζομένων διὰ τὴν ἐπίλυσιν τῶν προβλημάτων των.

ΑΘΗΝΑΙ, 12.— Παρὰ τὴν ἐπικρατοῦσαν κατάστασιν τῶν σωματείων ἐξητάσθη ἡ συνδικαλιστικὴ κίνησις ὑπὸ τῆς γενικῆς συνελεύσεως, τὰ δὲ μέλη τῆς διοικήσεως ἐξέφρασαν τὰς ἀπόψεις των ἐπὶ τῶν ζητημάτων ποὺ ἀπασχολοῦν τὴν ἐργατικὴν τάξιν τῆς πόλεως καὶ τῆς περιφερείας. Κατὰ τὴν συζήτησιν ὡμίλησαν πολλοὶ ἐκπρόσωποι, οἱ ὁποῖοι ἐτόνισαν τὴν ἀνάγκην ἑνότητος καὶ συνεργασίας ὅλων τῶν ἐργαζομένων διὰ τὴν ἐπίλυσιν τῶν προβλημάτων των.
